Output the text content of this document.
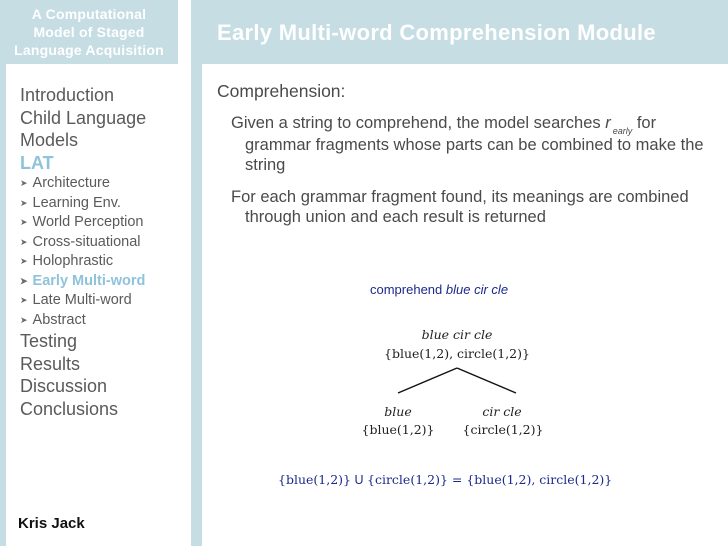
A Computational
Model of Staged
Language Acquisition
Early Multi-word Comprehension Module
Introduction
Child Language Models
LAT
➤ Architecture
➤ Learning Env.
➤ World Perception
➤ Cross-situational
➤ Holophrastic
➤ Early Multi-word
➤ Late Multi-word
➤ Abstract
Testing
Results
Discussion
Conclusions
Kris Jack
Comprehension:
Given a string to comprehend, the model searches r $_{early}$ for grammar fragments whose parts can be combined to make the string
For each grammar fragment found, its meanings are combined through union and each result is returned
comprehend blue cir cle
blue cir cle
{blue(1,2), circle(1,2)}
blue
{blue(1,2)}
cir cle
{circle(1,2)}
{blue(1,2)} U {circle(1,2)} = {blue(1,2), circle(1,2)}
